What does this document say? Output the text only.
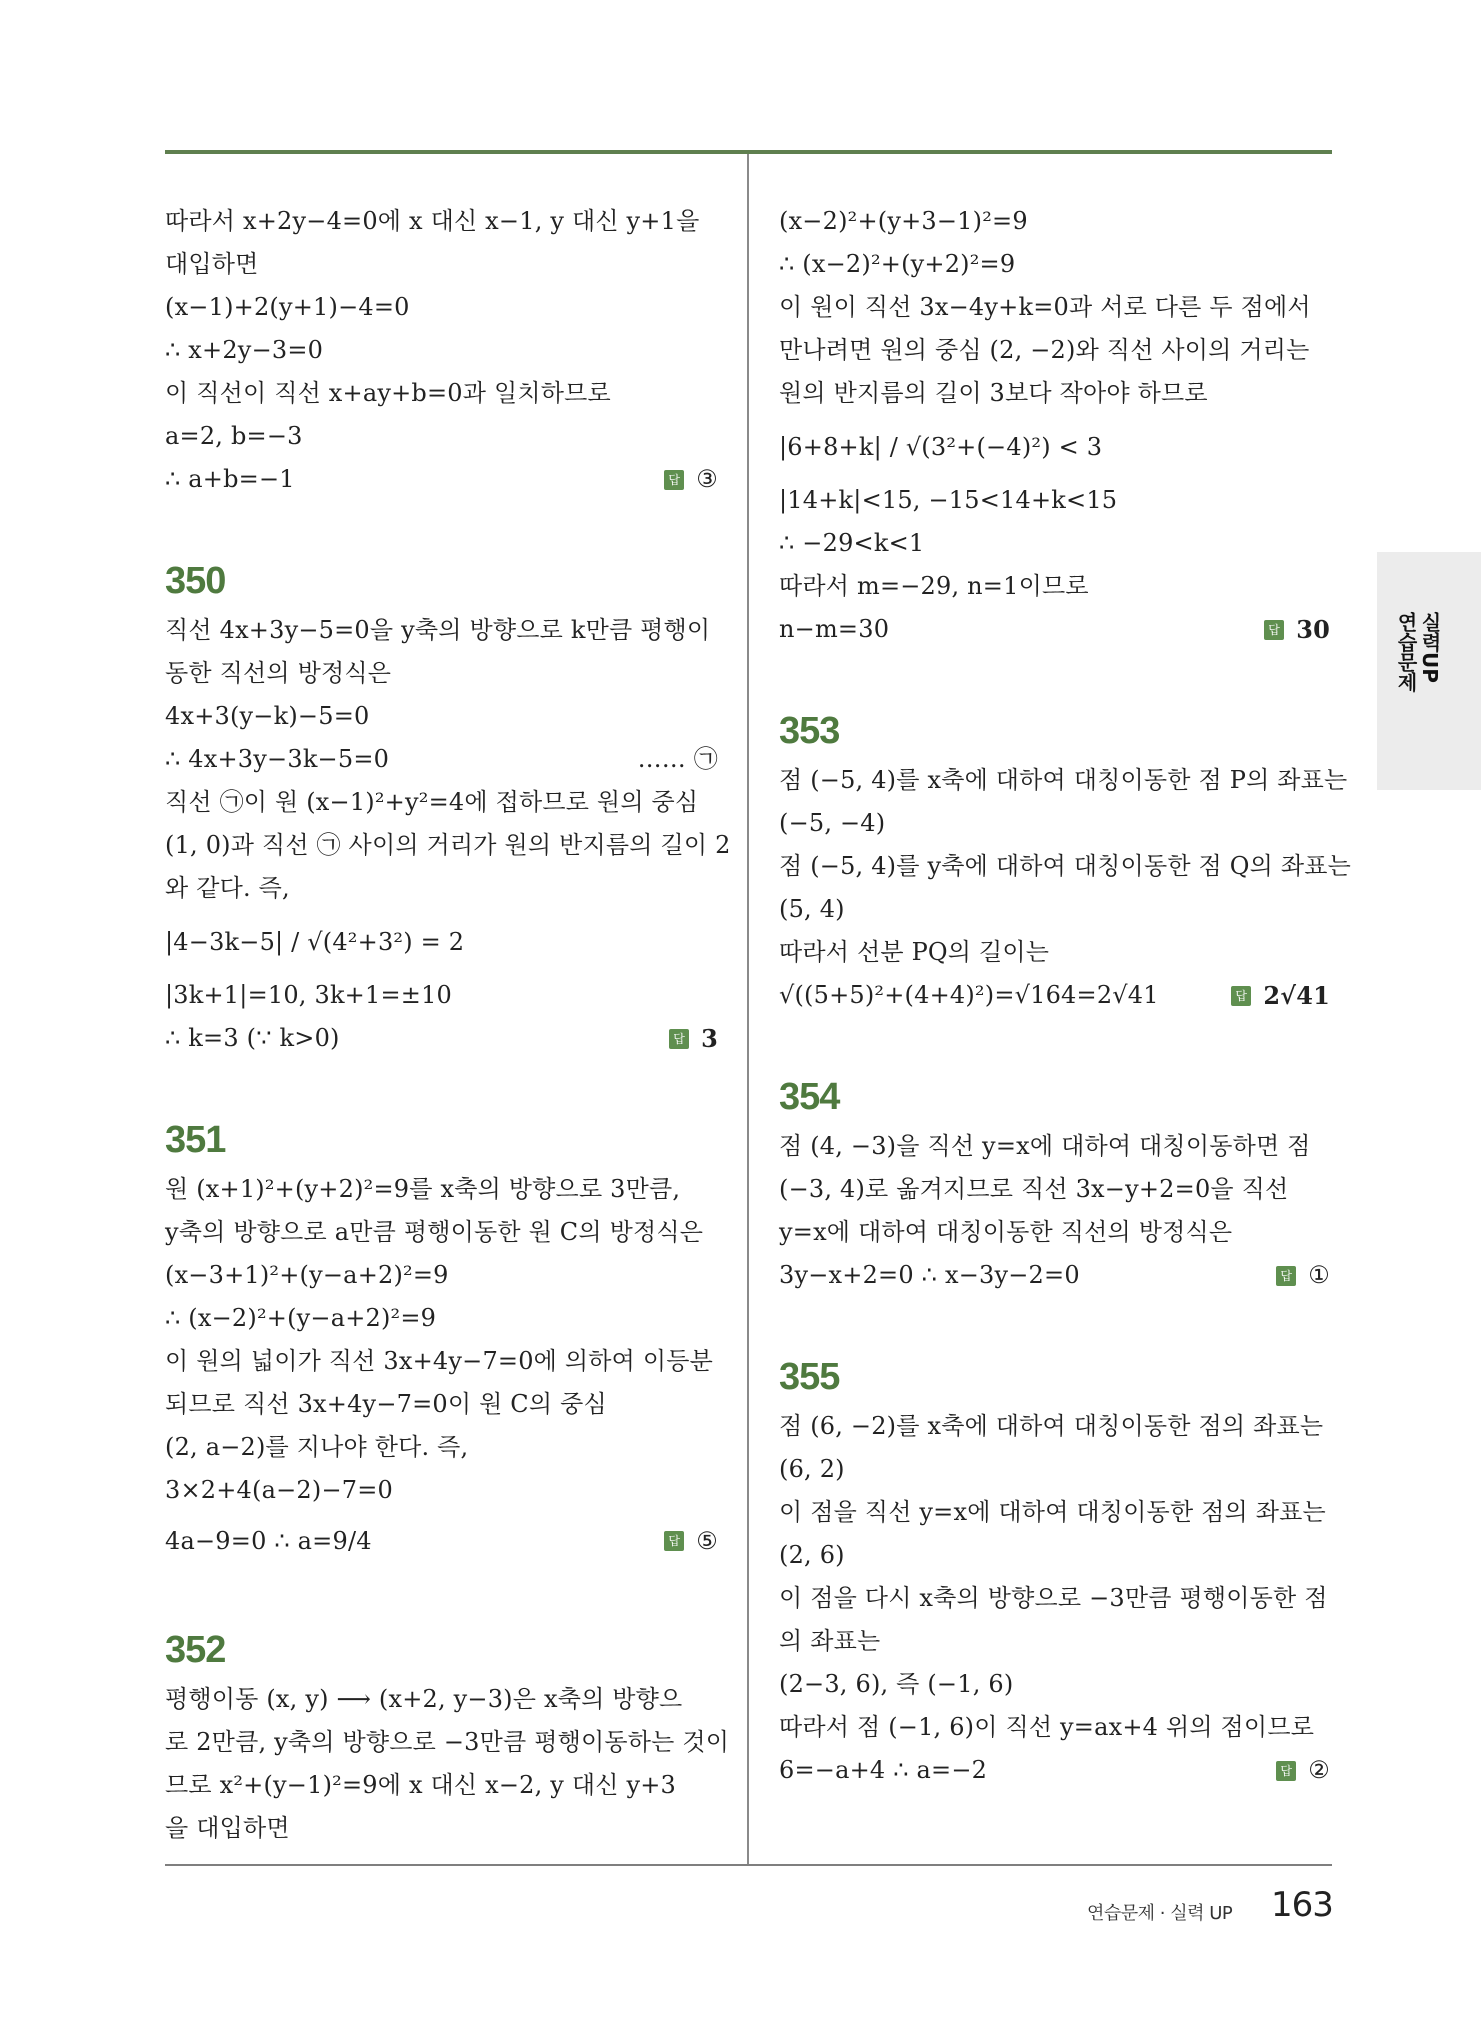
따라서 x+2y−4=0에 x 대신 x−1, y 대신 y+1을
대입하면
(x−1)+2(y+1)−4=0
∴ x+2y−3=0
이 직선이 직선 x+ay+b=0과 일치하므로
a=2, b=−3
∴ a+b=−1	답 ③
350
직선 4x+3y−5=0을 y축의 방향으로 k만큼 평행이
동한 직선의 방정식은
4x+3(y−k)−5=0
∴ 4x+3y−3k−5=0	…… ㉠
직선 ㉠이 원 (x−1)²+y²=4에 접하므로 원의 중심
(1, 0)과 직선 ㉠ 사이의 거리가 원의 반지름의 길이 2
와 같다. 즉,
|4−3k−5| / √(4²+3²) = 2
|3k+1|=10, 3k+1=±10
∴ k=3 (∵ k>0)	답 3
351
원 (x+1)²+(y+2)²=9를 x축의 방향으로 3만큼,
y축의 방향으로 a만큼 평행이동한 원 C의 방정식은
(x−3+1)²+(y−a+2)²=9
∴ (x−2)²+(y−a+2)²=9
이 원의 넓이가 직선 3x+4y−7=0에 의하여 이등분
되므로 직선 3x+4y−7=0이 원 C의 중심
(2, a−2)를 지나야 한다. 즉,
3×2+4(a−2)−7=0
4a−9=0 ∴ a=9/4	답 ⑤
352
평행이동 (x, y) ⟶ (x+2, y−3)은 x축의 방향으
로 2만큼, y축의 방향으로 −3만큼 평행이동하는 것이
므로 x²+(y−1)²=9에 x 대신 x−2, y 대신 y+3
을 대입하면
(x−2)²+(y+3−1)²=9
∴ (x−2)²+(y+2)²=9
이 원이 직선 3x−4y+k=0과 서로 다른 두 점에서
만나려면 원의 중심 (2, −2)와 직선 사이의 거리는
원의 반지름의 길이 3보다 작아야 하므로
|6+8+k| / √(3²+(−4)²) < 3
|14+k|<15, −15<14+k<15
∴ −29<k<1
따라서 m=−29, n=1이므로
n−m=30	답 30
353
점 (−5, 4)를 x축에 대하여 대칭이동한 점 P의 좌표는
(−5, −4)
점 (−5, 4)를 y축에 대하여 대칭이동한 점 Q의 좌표는
(5, 4)
따라서 선분 PQ의 길이는
√((5+5)²+(4+4)²)=√164=2√41	답 2√41
354
점 (4, −3)을 직선 y=x에 대하여 대칭이동하면 점
(−3, 4)로 옮겨지므로 직선 3x−y+2=0을 직선
y=x에 대하여 대칭이동한 직선의 방정식은
3y−x+2=0 ∴ x−3y−2=0	답 ①
355
점 (6, −2)를 x축에 대하여 대칭이동한 점의 좌표는
(6, 2)
이 점을 직선 y=x에 대하여 대칭이동한 점의 좌표는
(2, 6)
이 점을 다시 x축의 방향으로 −3만큼 평행이동한 점
의 좌표는
(2−3, 6), 즉 (−1, 6)
따라서 점 (−1, 6)이 직선 y=ax+4 위의 점이므로
6=−a+4 ∴ a=−2	답 ②
실력UP
연습문제
연습문제 · 실력 UP 163
